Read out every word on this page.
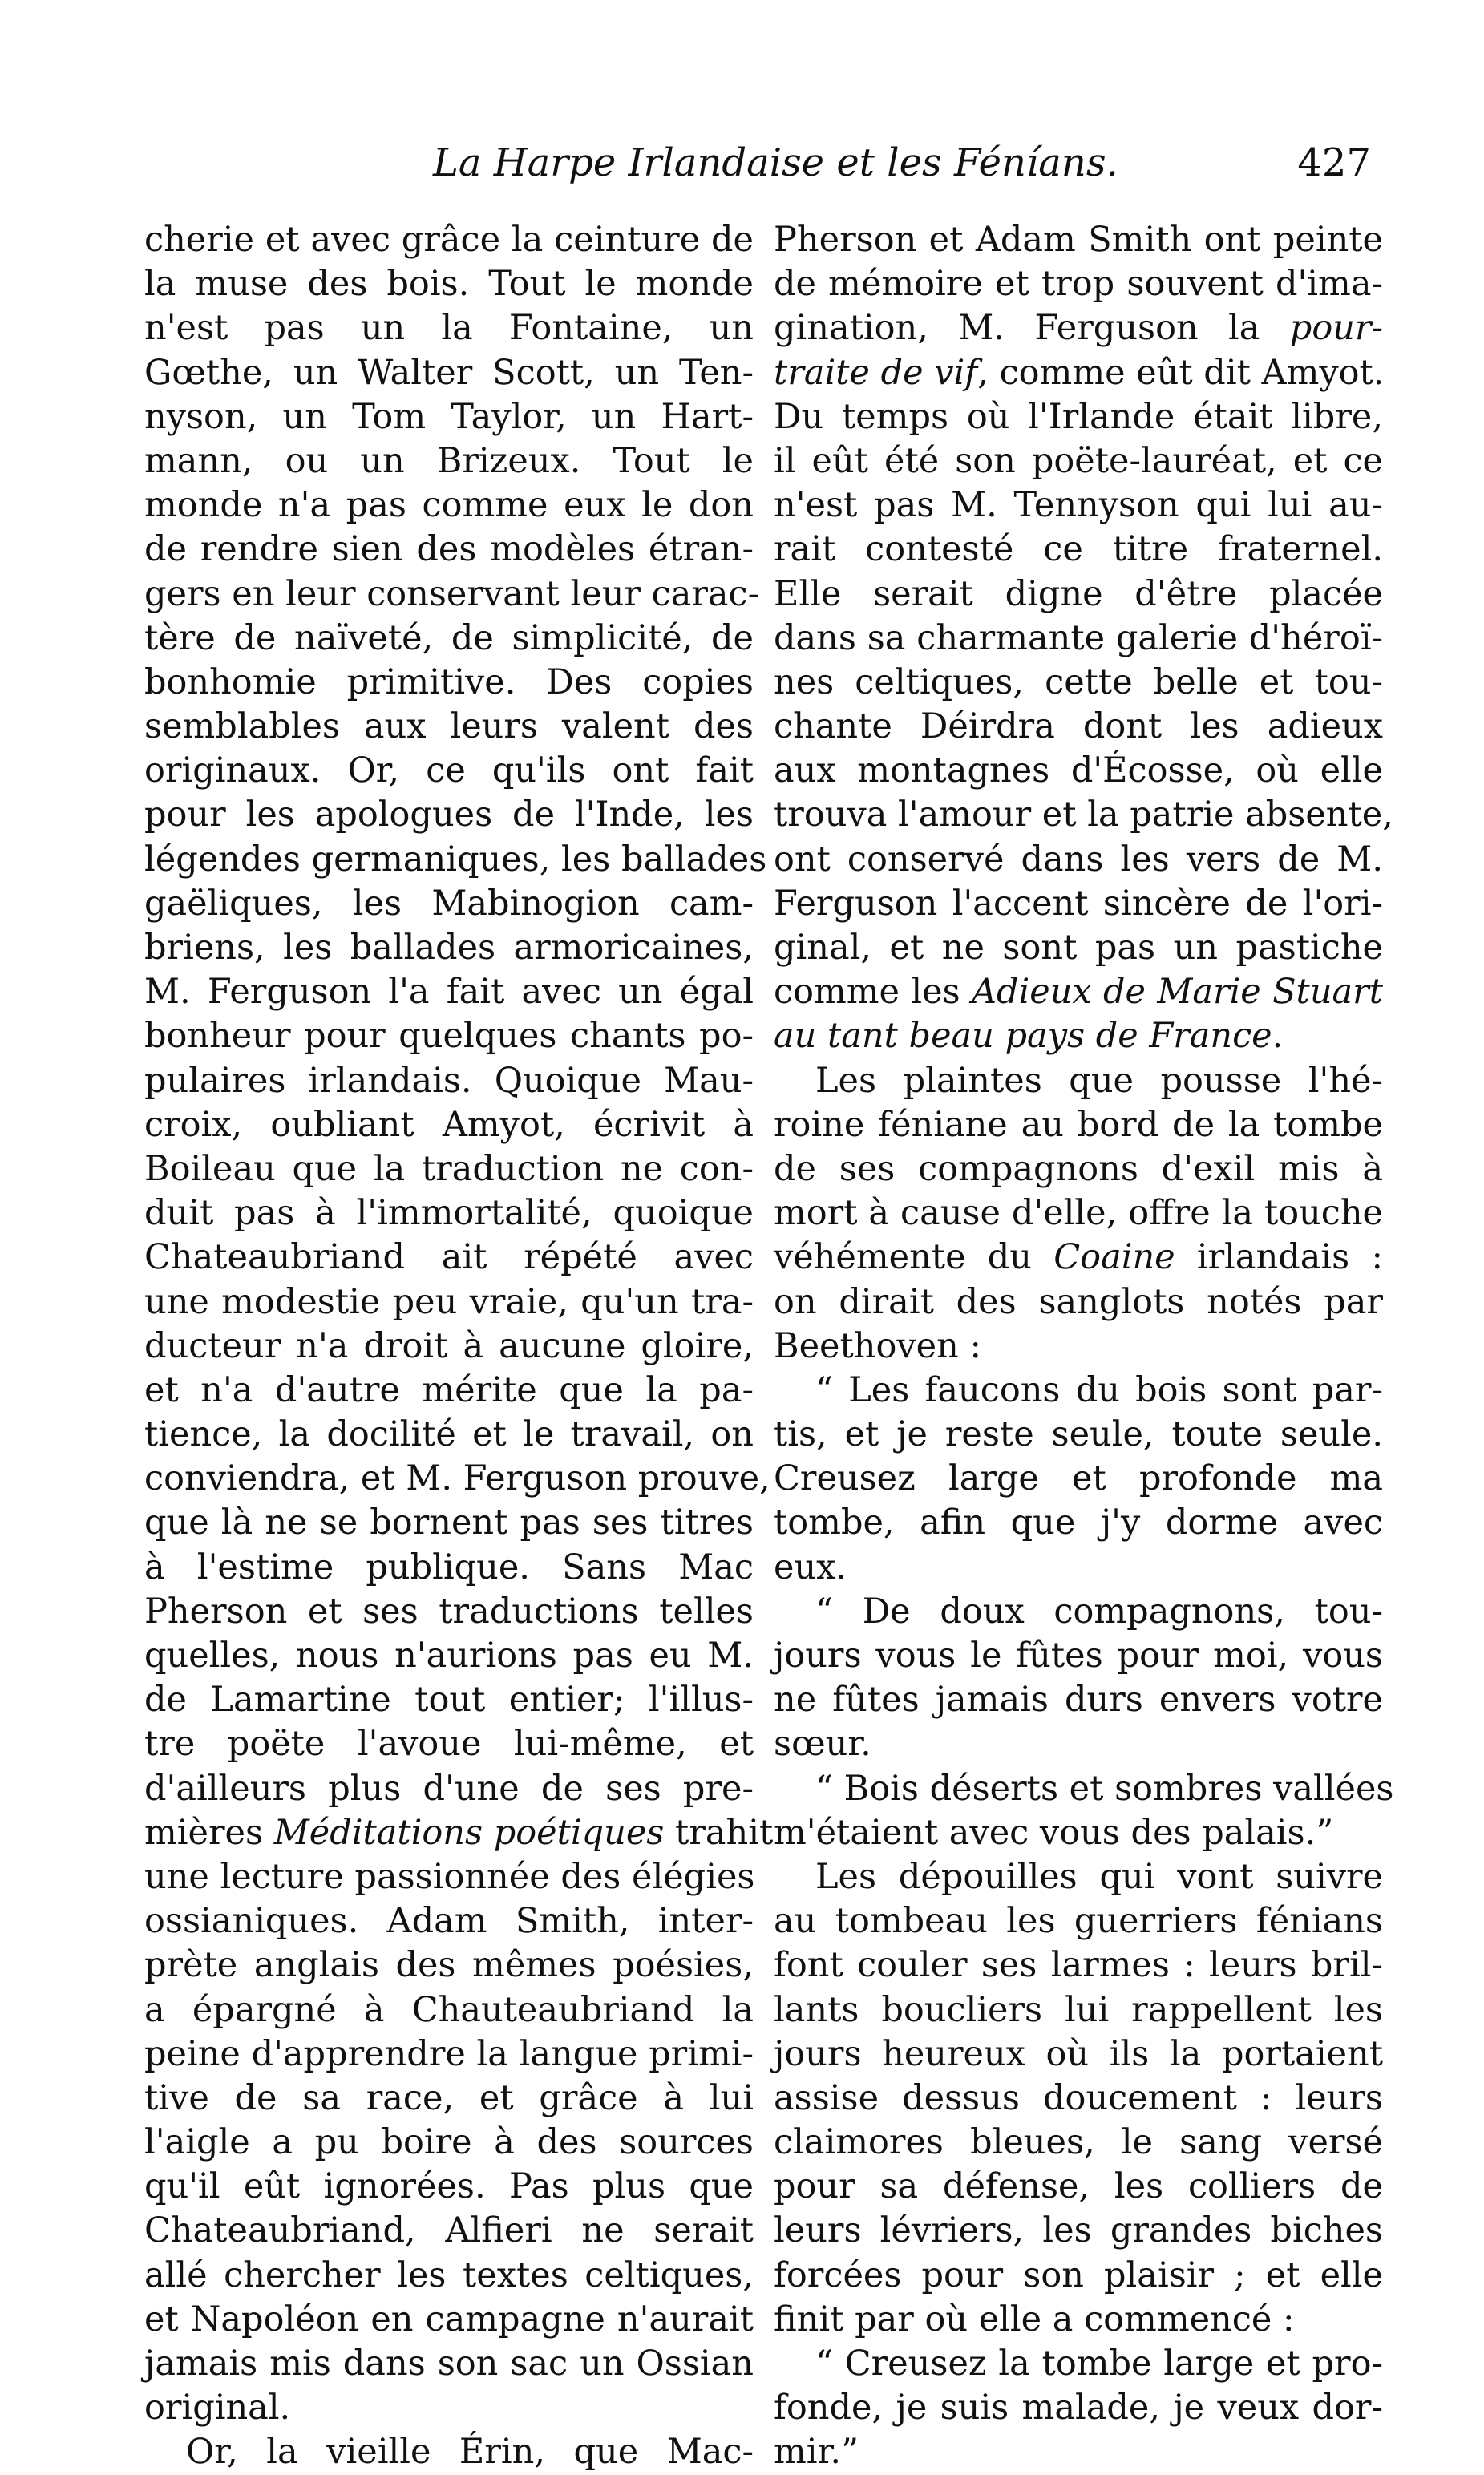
La Harpe Irlandaise et les Féníans.	427
cherie et avec grâce la ceinture de
la muse des bois. Tout le monde
n'est pas un la Fontaine, un
Gœthe, un Walter Scott, un Ten-
nyson, un Tom Taylor, un Hart-
mann, ou un Brizeux. Tout le
monde n'a pas comme eux le don
de rendre sien des modèles étran-
gers en leur conservant leur carac-
tère de naïveté, de simplicité, de
bonhomie primitive. Des copies
semblables aux leurs valent des
originaux. Or, ce qu'ils ont fait
pour les apologues de l'Inde, les
légendes germaniques, les ballades
gaëliques, les Mabinogion cam-
briens, les ballades armoricaines,
M. Ferguson l'a fait avec un égal
bonheur pour quelques chants po-
pulaires irlandais. Quoique Mau-
croix, oubliant Amyot, écrivit à
Boileau que la traduction ne con-
duit pas à l'immortalité, quoique
Chateaubriand ait répété avec
une modestie peu vraie, qu'un tra-
ducteur n'a droit à aucune gloire,
et n'a d'autre mérite que la pa-
tience, la docilité et le travail, on
conviendra, et M. Ferguson prouve,
que là ne se bornent pas ses titres
à l'estime publique. Sans Mac
Pherson et ses traductions telles
quelles, nous n'aurions pas eu M.
de Lamartine tout entier; l'illus-
tre poëte l'avoue lui-même, et
d'ailleurs plus d'une de ses pre-
mières Méditations poétiques trahit
une lecture passionnée des élégies
ossianiques. Adam Smith, inter-
prète anglais des mêmes poésies,
a épargné à Chauteaubriand la
peine d'apprendre la langue primi-
tive de sa race, et grâce à lui
l'aigle a pu boire à des sources
qu'il eût ignorées. Pas plus que
Chateaubriand, Alfieri ne serait
allé chercher les textes celtiques,
et Napoléon en campagne n'aurait
jamais mis dans son sac un Ossian
original.
Or, la vieille Érin, que Mac-
Pherson et Adam Smith ont peinte
de mémoire et trop souvent d'ima-
gination, M. Ferguson la pour-
traite de vif, comme eût dit Amyot.
Du temps où l'Irlande était libre,
il eût été son poëte-lauréat, et ce
n'est pas M. Tennyson qui lui au-
rait contesté ce titre fraternel.
Elle serait digne d'être placée
dans sa charmante galerie d'héroï-
nes celtiques, cette belle et tou-
chante Déirdra dont les adieux
aux montagnes d'Écosse, où elle
trouva l'amour et la patrie absente,
ont conservé dans les vers de M.
Ferguson l'accent sincère de l'ori-
ginal, et ne sont pas un pastiche
comme les Adieux de Marie Stuart
au tant beau pays de France.
Les plaintes que pousse l'hé-
roine féniane au bord de la tombe
de ses compagnons d'exil mis à
mort à cause d'elle, offre la touche
véhémente du Coaine irlandais :
on dirait des sanglots notés par
Beethoven :
“ Les faucons du bois sont par-
tis, et je reste seule, toute seule.
Creusez large et profonde ma
tombe, afin que j'y dorme avec
eux.
“ De doux compagnons, tou-
jours vous le fûtes pour moi, vous
ne fûtes jamais durs envers votre
sœur.
“ Bois déserts et sombres vallées
m'étaient avec vous des palais.”
Les dépouilles qui vont suivre
au tombeau les guerriers fénians
font couler ses larmes : leurs bril-
lants boucliers lui rappellent les
jours heureux où ils la portaient
assise dessus doucement : leurs
claimores bleues, le sang versé
pour sa défense, les colliers de
leurs lévriers, les grandes biches
forcées pour son plaisir ; et elle
finit par où elle a commencé :
“ Creusez la tombe large et pro-
fonde, je suis malade, je veux dor-
mir.”
